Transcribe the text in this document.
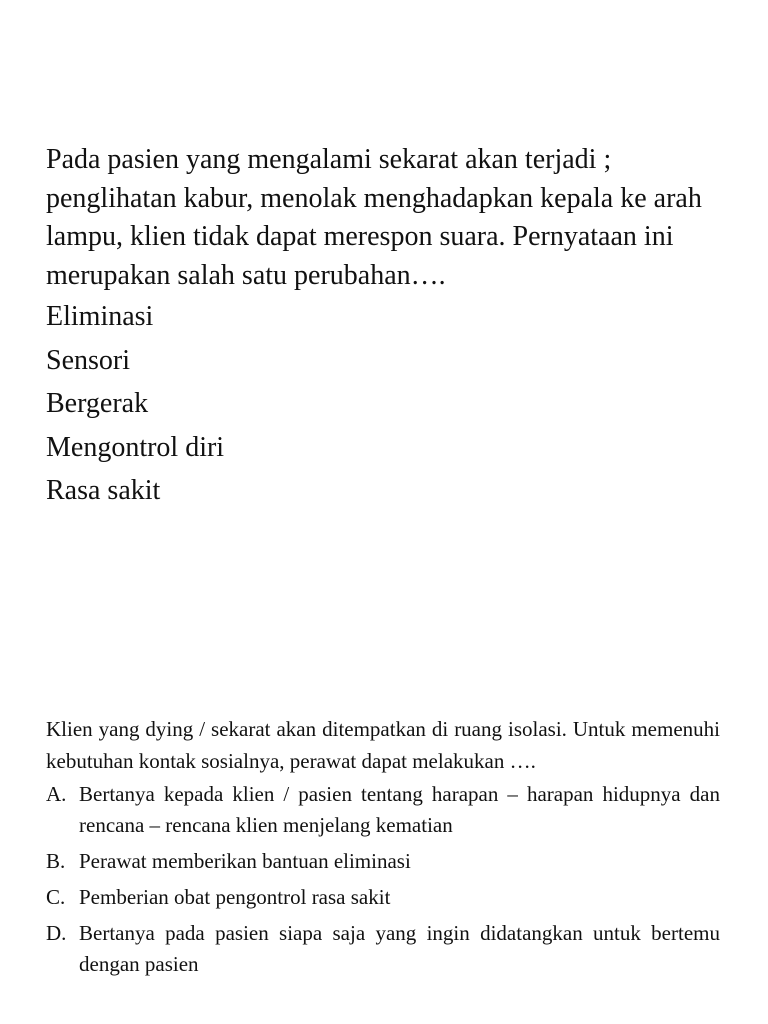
Pada pasien yang mengalami sekarat akan terjadi ; penglihatan kabur, menolak menghadapkan kepala ke arah lampu, klien tidak dapat merespon suara. Pernyataan ini merupakan salah satu perubahan….

Eliminasi
Sensori
Bergerak
Mengontrol diri
Rasa sakit

Klien yang dying / sekarat akan ditempatkan di ruang isolasi. Untuk memenuhi kebutuhan kontak sosialnya, perawat dapat melakukan ….

A. Bertanya kepada klien / pasien tentang harapan – harapan hidupnya dan rencana – rencana klien menjelang kematian
B. Perawat memberikan bantuan eliminasi
C. Pemberian obat pengontrol rasa sakit
D. Bertanya pada pasien siapa saja yang ingin didatangkan untuk bertemu dengan pasien
